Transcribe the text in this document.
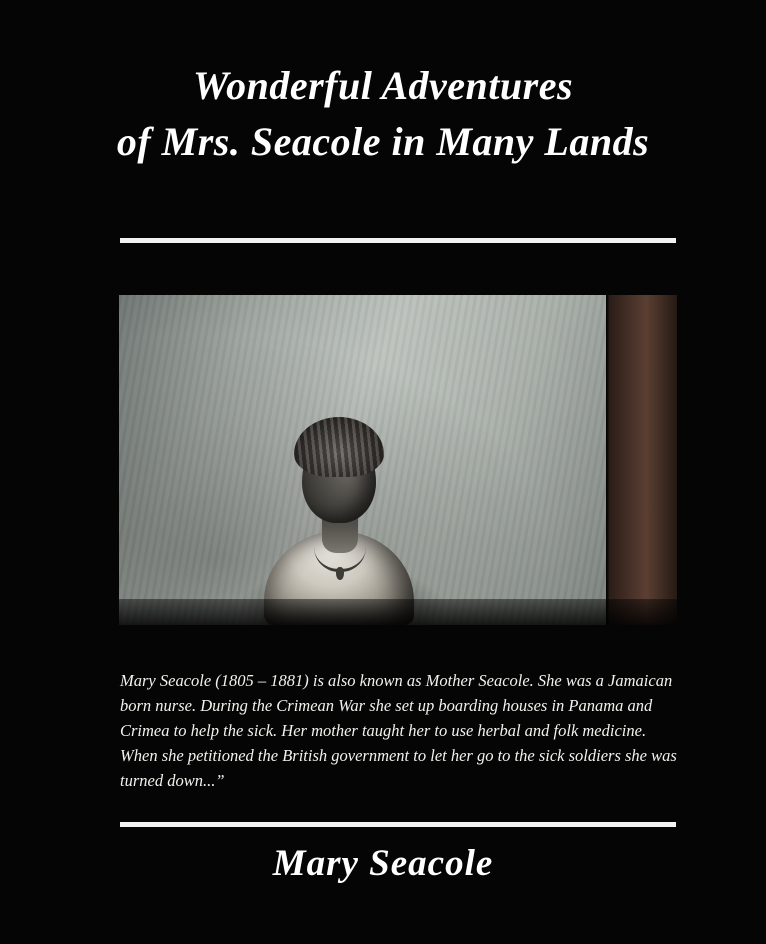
Wonderful Adventures
of Mrs. Seacole in Many Lands
Mary Seacole (1805 – 1881) is also known as Mother Seacole. She was a Jamaican born nurse. During the Crimean War she set up boarding houses in Panama and Crimea to help the sick. Her mother taught her to use herbal and folk medicine. When she petitioned the British government to let her go to the sick soldiers she was turned down...”
Mary Seacole
